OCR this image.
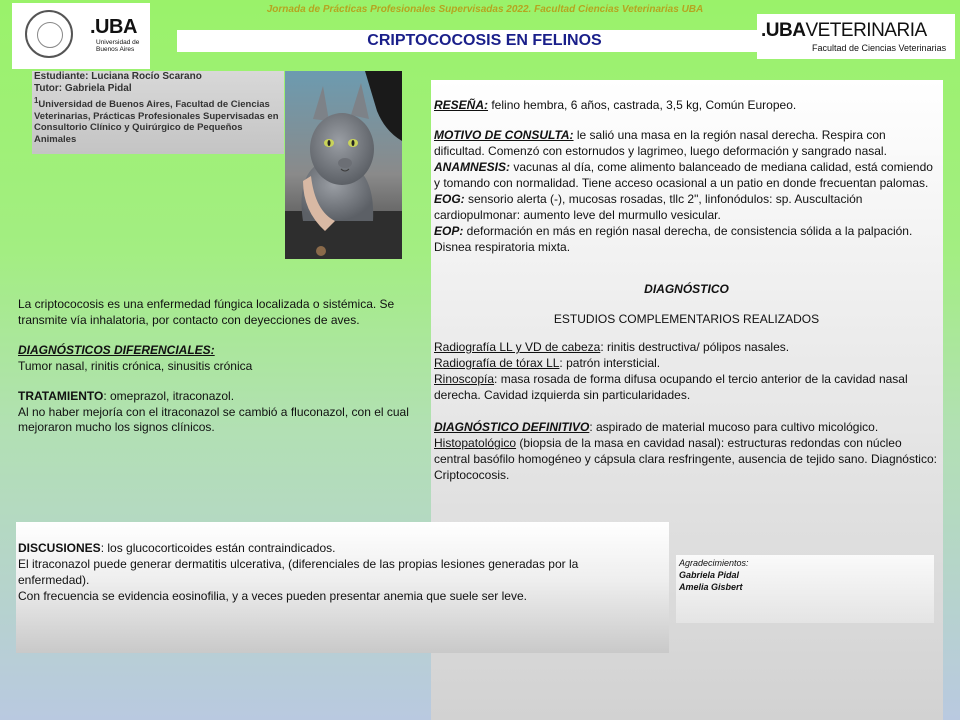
.UBA
Universidad de Buenos Aires
Jornada de Prácticas Profesionales Supervisadas 2022. Facultad Ciencias Veterinarias UBA
CRIPTOCOCOSIS EN FELINOS	.UBAVETERINARIA
Facultad de Ciencias Veterinarias
Estudiante: Luciana Rocío Scarano
Tutor: Gabriela Pidal
$^1$Universidad de Buenos Aires, Facultad de Ciencias Veterinarias, Prácticas Profesionales Supervisadas en Consultorio Clínico y Quirúrgico de Pequeños Animales

La criptococosis es una enfermedad fúngica localizada o sistémica. Se transmite vía inhalatoria, por contacto con deyecciones de aves.

DIAGNÓSTICOS DIFERENCIALES:
Tumor nasal, rinitis crónica, sinusitis crónica

TRATAMIENTO: omeprazol, itraconazol.
Al no haber mejoría con el itraconazol se cambió a fluconazol, con el cual mejoraron mucho los signos clínicos.

RESEÑA: felino hembra, 6 años, castrada, 3,5 kg, Común Europeo.

MOTIVO DE CONSULTA: le salió una masa en la región nasal derecha. Respira con dificultad. Comenzó con estornudos y lagrimeo, luego deformación y sangrado nasal.

ANAMNESIS: vacunas al día, come alimento balanceado de mediana calidad, está comiendo y tomando con normalidad. Tiene acceso ocasional a un patio en donde frecuentan palomas.

EOG: sensorio alerta (-), mucosas rosadas, tllc 2", linfonódulos: sp. Auscultación cardiopulmonar: aumento leve del murmullo vesicular.

EOP: deformación en más en región nasal derecha, de consistencia sólida a la palpación. Disnea respiratoria mixta.

DIAGNÓSTICO

ESTUDIOS COMPLEMENTARIOS REALIZADOS

Radiografía LL y VD de cabeza: rinitis destructiva/ pólipos nasales.

Radiografía de tórax LL: patrón intersticial.

Rinoscopía: masa rosada de forma difusa ocupando el tercio anterior de la cavidad nasal derecha. Cavidad izquierda sin particularidades.

DIAGNÓSTICO DEFINITIVO: aspirado de material mucoso para cultivo micológico.

Histopatológico (biopsia de la masa en cavidad nasal): estructuras redondas con núcleo central basófilo homogéneo y cápsula clara resfringente, ausencia de tejido sano. Diagnóstico: Criptococosis.

Agradecimientos:
Gabriela Pidal
Amelia Gisbert

DISCUSIONES: los glucocorticoides están contraindicados.

El itraconazol puede generar dermatitis ulcerativa, (diferenciales de las propias lesiones generadas por la enfermedad).

Con frecuencia se evidencia eosinofilia, y a veces pueden presentar anemia que suele ser leve.
